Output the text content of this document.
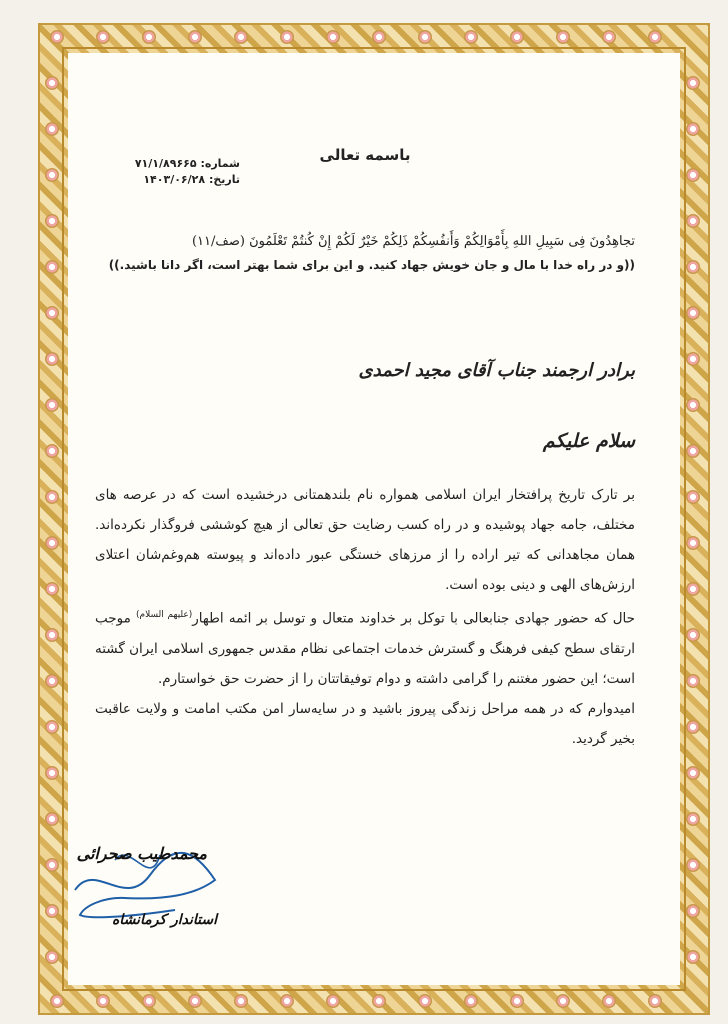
باسمه تعالی
شماره: ۷۱/۱/۸۹۶۶۵
تاریخ: ۱۴۰۳/۰۶/۲۸
تجاهِدُونَ فِی سَبِیلِ اللهِ بِأَمْوَالِکُمْ وَأَنفُسِکُمْ ذَلِکُمْ خَیْرٌ لَکُمْ إِنْ کُنتُمْ تَعْلَمُونَ (صف/۱۱)
((و در راه خدا با مال و جان خویش جهاد کنید. و این برای شما بهتر است، اگر دانا باشید.))
برادر ارجمند جناب آقای مجید احمدی
سلام علیکم

بر تارک تاریخ پرافتخار ایران اسلامی همواره نام بلندهمتانی درخشیده است که در عرصه های مختلف، جامه جهاد پوشیده و در راه کسب رضایت حق تعالی از هیچ کوششی فروگذار نکرده‌اند. همان مجاهدانی که تیر اراده را از مرزهای خستگی عبور داده‌اند و پیوسته هم‌وغم‌شان اعتلای ارزش‌های الهی و دینی بوده است.

حال که حضور جهادی جنابعالی با توکل بر خداوند متعال و توسل بر ائمه اطهار$^{(علیهم السلام)}$ موجب ارتقای سطح کیفی فرهنگ و گسترش خدمات اجتماعی نظام مقدس جمهوری اسلامی ایران گشته است؛ این حضور مغتنم را گرامی داشته و دوام توفیقاتتان را از حضرت حق خواستارم.

امیدوارم که در همه مراحل زندگی پیروز باشید و در سایه‌سار امن مکتب امامت و ولایت عاقبت بخیر گردید.

محمدطیب صحرائی
استاندار کرمانشاه
